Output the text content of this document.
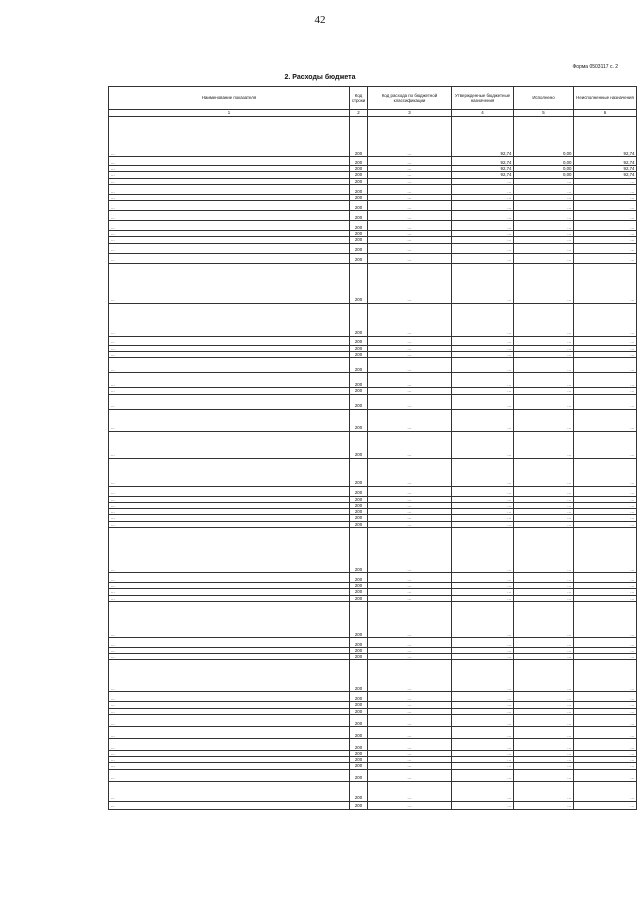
42
Форма 0503117 с. 2
2. Расходы бюджета
Наименование показателя	Код строки	Код расхода по бюджетной классификации	Утвержденные бюджетные назначения	Исполнено	Неисполненные назначения
1	2	3	4	5	6
…	200	…	92,74	0,00	92,74
…	200	…	92,74	0,00	92,74
…	200	…	92,74	0,00	92,74
…	200	…	92,74	0,00	92,74
…	200	…	…	…	…
…	200	…	…	…	…
…	200	…	…	…	…
…	200	…	…	…	…
…	200	…	…	…	…
…	200	…	…	…	…
…	200	…	…	…	…
…	200	…	…	…	…
…	200	…	…	…	…
…	200	…	…	…	…
…	200	…	…	…	…
…	200	…	…	…	…
…	200	…	…	…	…
…	200	…	…	…	…
…	200	…	…	…	…
…	200	…	…	…	…
…	200	…	…	…	…
…	200	…	…	…	…
…	200	…	…	…	…
…	200	…	…	…	…
…	200	…	…	…	…
…	200	…	…	…	…
…	200	…	…	…	…
…	200	…	…	…	…
…	200	…	…	…	…
…	200	…	…	…	…
…	200	…	…	…	…
…	200	…	…	…	…
…	200	…	…	…	…
…	200	…	…	…	…
…	200	…	…	…	…
…	200	…	…	…	…
…	200	…	…	…	…
…	200	…	…	…	…
…	200	…	…	…	…
…	200	…	…	…	…
…	200	…	…	…	…
…	200	…	…	…	…
…	200	…	…	…	…
…	200	…	…	…	…
…	200	…	…	…	…
…	200	…	…	…	…
…	200	…	…	…	…
…	200	…	…	…	…
…	200	…	…	…	…
…	200	…	…	…	…
…	200	…	…	…	…
…	200	…	…	…	…
…	200	…	…	…	…
…	200	…	…	…	…
